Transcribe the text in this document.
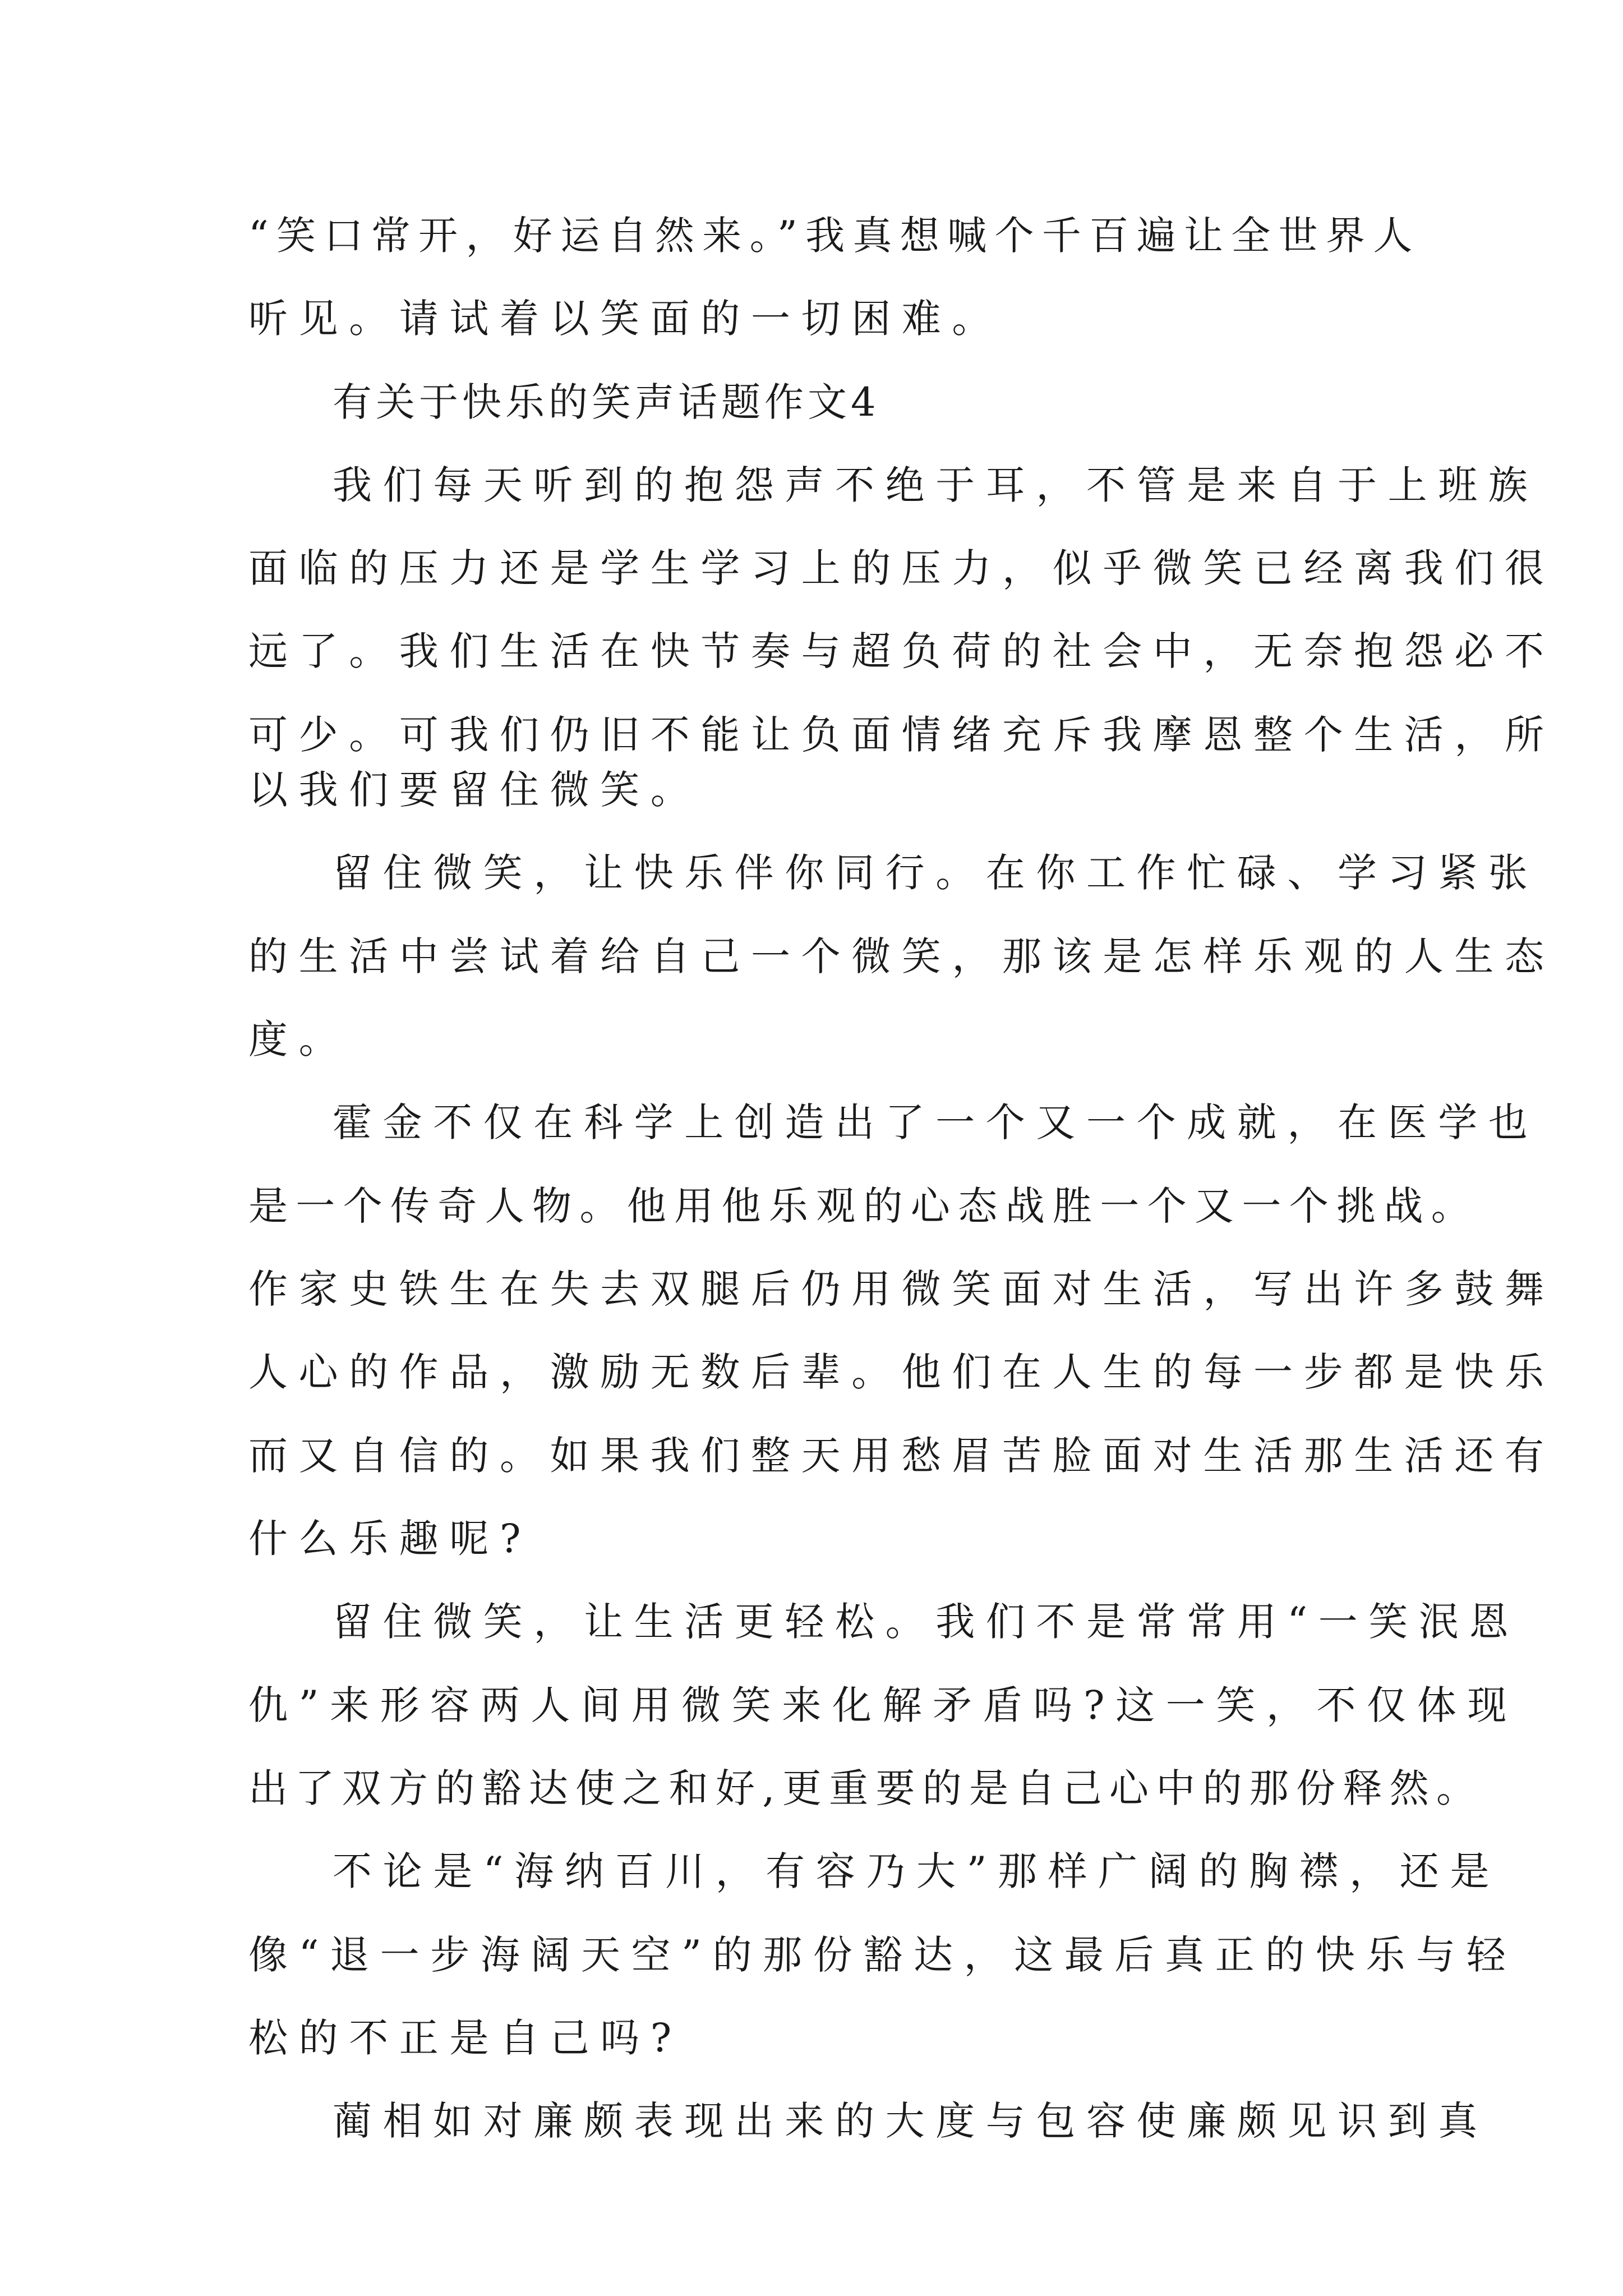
“笑口常开，好运自然来。”我真想喊个千百遍让全世界人
听见。请试着以笑面的一切困难。
有关于快乐的笑声话题作文4
我们每天听到的抱怨声不绝于耳，不管是来自于上班族
面临的压力还是学生学习上的压力，似乎微笑已经离我们很
远了。我们生活在快节奏与超负荷的社会中，无奈抱怨必不
可少。可我们仍旧不能让负面情绪充斥我摩恩整个生活，所
以我们要留住微笑。
留住微笑，让快乐伴你同行。在你工作忙碌、学习紧张
的生活中尝试着给自己一个微笑，那该是怎样乐观的人生态
度。
霍金不仅在科学上创造出了一个又一个成就，在医学也
是一个传奇人物。他用他乐观的心态战胜一个又一个挑战。
作家史铁生在失去双腿后仍用微笑面对生活，写出许多鼓舞
人心的作品，激励无数后辈。他们在人生的每一步都是快乐
而又自信的。如果我们整天用愁眉苦脸面对生活那生活还有
什么乐趣呢?
留住微笑，让生活更轻松。我们不是常常用“一笑泯恩
仇”来形容两人间用微笑来化解矛盾吗?这一笑，不仅体现
出了双方的豁达使之和好,更重要的是自己心中的那份释然。
不论是“海纳百川，有容乃大”那样广阔的胸襟，还是
像“退一步海阔天空”的那份豁达，这最后真正的快乐与轻
松的不正是自己吗?
蔺相如对廉颇表现出来的大度与包容使廉颇见识到真
